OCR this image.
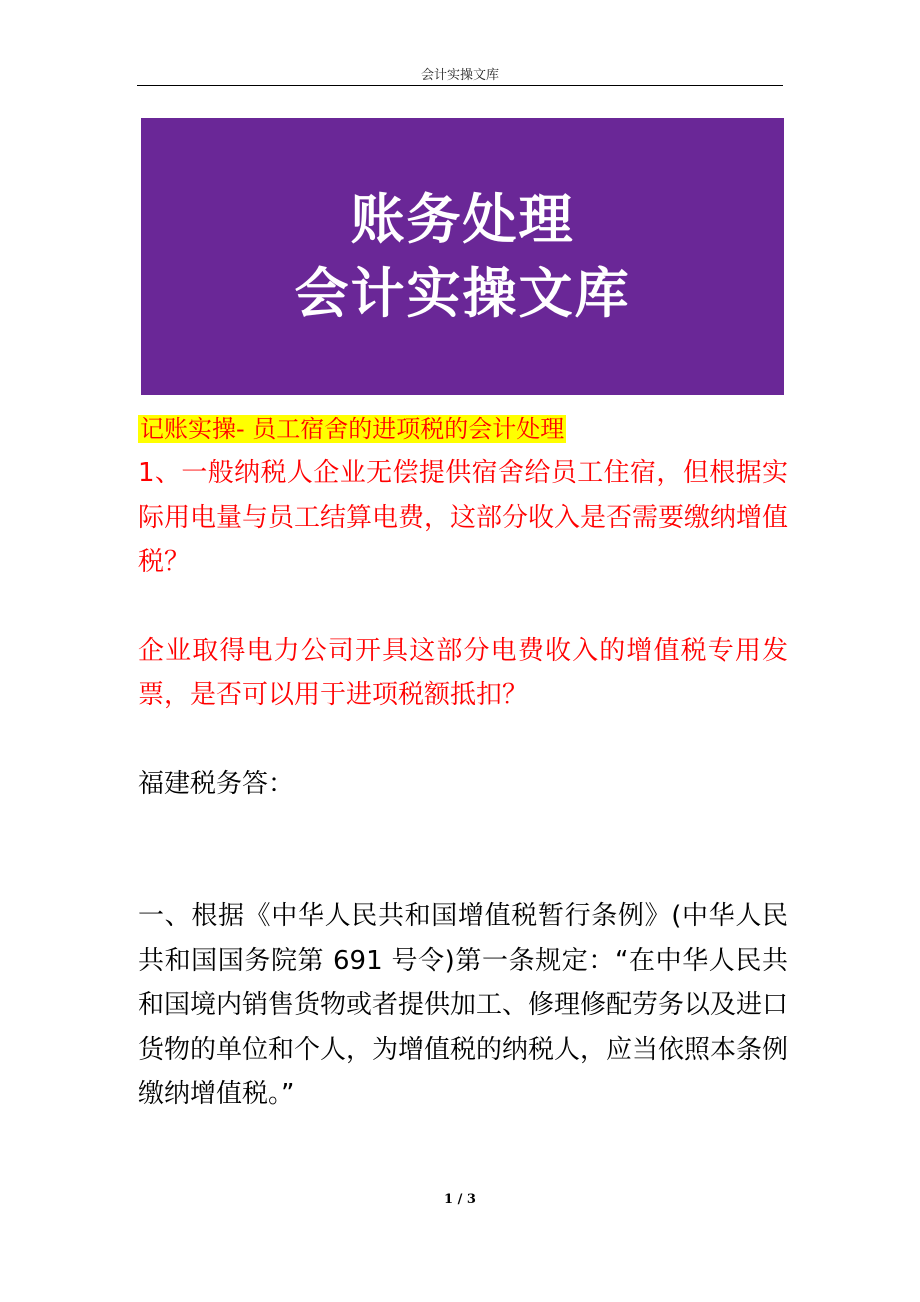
会计实操文库
账务处理
会计实操文库

记账实操- 员工宿舍的进项税的会计处理

1、一般纳税人企业无偿提供宿舍给员工住宿，但根据实际用电量与员工结算电费，这部分收入是否需要缴纳增值税？

企业取得电力公司开具这部分电费收入的增值税专用发票，是否可以用于进项税额抵扣？

福建税务答：

一、根据《中华人民共和国增值税暂行条例》(中华人民共和国国务院第 691 号令)第一条规定：“在中华人民共和国境内销售货物或者提供加工、修理修配劳务以及进口货物的单位和个人，为增值税的纳税人，应当依照本条例缴纳增值税。”

1 / 3
